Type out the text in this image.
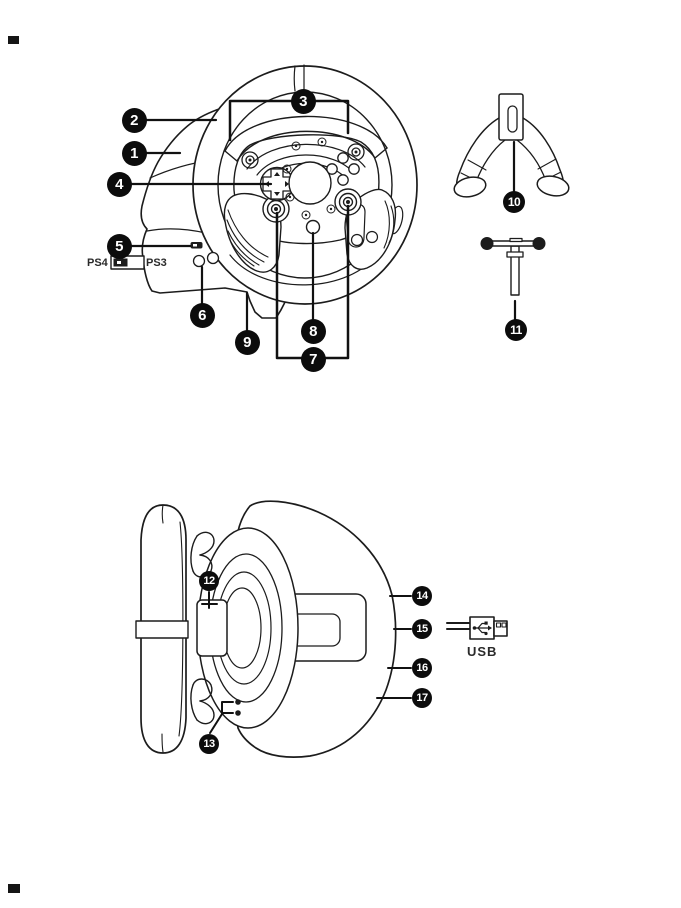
PS4	PS3
USB
1
2
3
4
5
6
7
8
9
10
11
12
13
14
15
16
17
